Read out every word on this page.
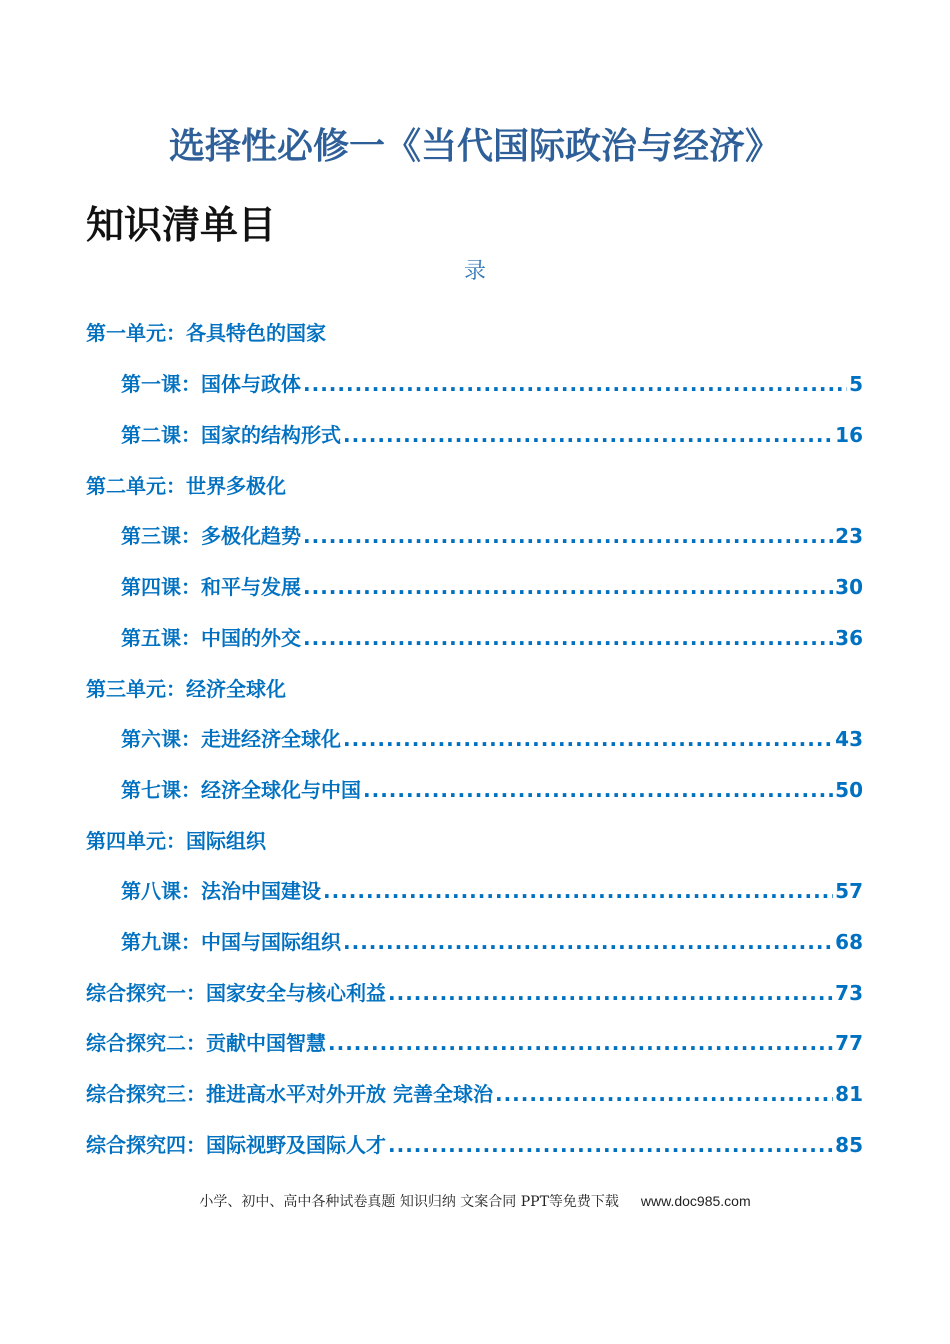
选择性必修一《当代国际政治与经济》
知识清单目
录
第一单元：各具特色的国家
第一课：国体与政体 .....	5
第二课：国家的结构形式 .....	16
第二单元：世界多极化
第三课：多极化趋势 .....	23
第四课：和平与发展 .....	30
第五课：中国的外交 .....	36
第三单元：经济全球化
第六课：走进经济全球化 .....	43
第七课：经济全球化与中国 .....	50
第四单元：国际组织
第八课：法治中国建设 .....	57
第九课：中国与国际组织 .....	68
综合探究一：国家安全与核心利益 .....	73
综合探究二：贡献中国智慧 .....	77
综合探究三：推进高水平对外开放 完善全球治 .....	81
综合探究四：国际视野及国际人才 .....	85
小学、初中、高中各种试卷真题 知识归纳 文案合同 PPT等免费下载 www.doc985.com
